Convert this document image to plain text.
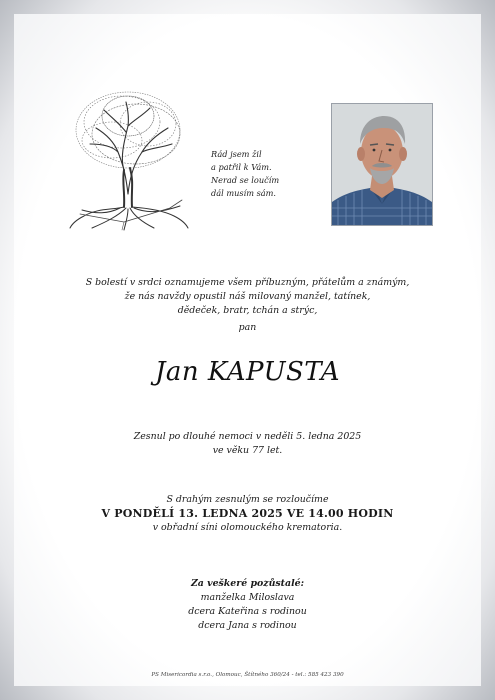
Rád jsem žil
a patřil k Vám.
Nerad se loučím
dál musím sám.
S bolestí v srdci oznamujeme všem příbuzným, přátelům a známým,
že nás navždy opustil náš milovaný manžel, tatínek,
dědeček, bratr, tchán a strýc,
pan
Jan KAPUSTA
Zesnul po dlouhé nemoci v neděli 5. ledna 2025
ve věku 77 let.
S drahým zesnulým se rozloučíme
V PONDĚLÍ 13. LEDNA 2025 VE 14.00 HODIN
v obřadní síni olomouckého krematoria.
Za veškeré pozůstalé:
manželka Miloslava
dcera Kateřina s rodinou
dcera Jana s rodinou
PS Misericordia s.r.o., Olomouc, Štítného 360/24 - tel.: 585 423 390
